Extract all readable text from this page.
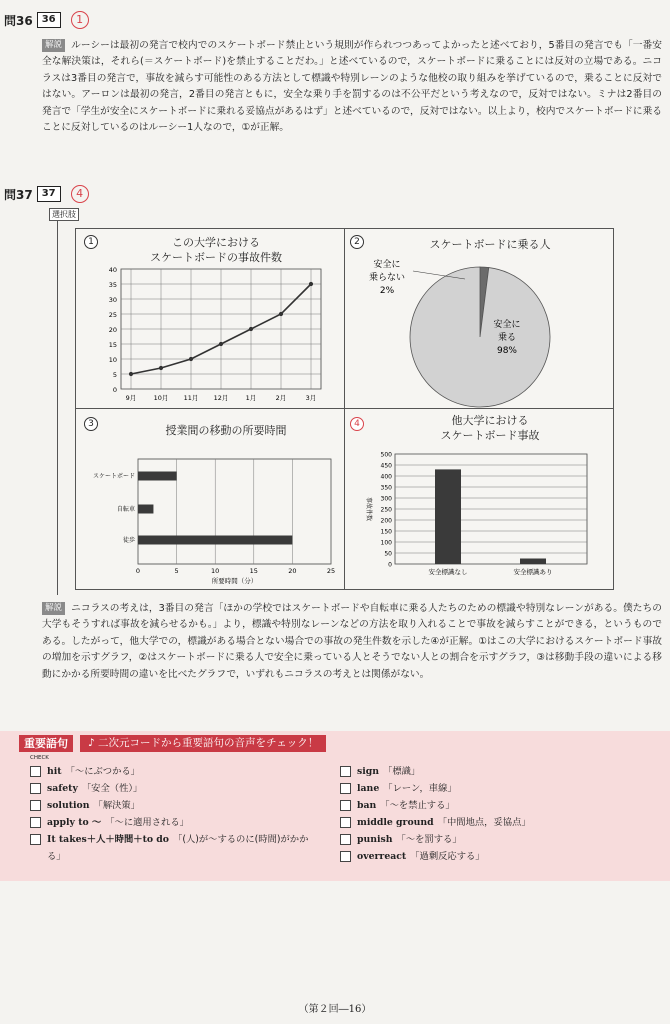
問36 36	1
解説 ルーシーは最初の発言で校内でのスケートボード禁止という規則が作られつつあってよかったと述べており，5番目の発言でも「一番安全な解決策は，それら(＝スケートボード)を禁止することだわ。」と述べているので，スケートボードに乗ることには反対の立場である。ニコラスは3番目の発言で，事故を減らす可能性のある方法として標識や特別レーンのような他校の取り組みを挙げているので，乗ることに反対ではない。アーロンは最初の発言，2番目の発言ともに，安全な乗り手を罰するのは不公平だという考えなので，反対ではない。ミナは2番目の発言で「学生が安全にスケートボードに乗れる妥協点があるはず」と述べているので，反対ではない。以上より，校内でスケートボードに乗ることに反対しているのはルーシー1人なので，①が正解。
問37 37	4
選択肢
1	この大学における
スケートボードの事故件数
0
5
10
15
20
25
30
35
40
9月	10月 11月 12月	1月	2月	3月
2	スケートボードに乗る人
安全に
乗らない
2%
安全に
乗る
98%
3	授業間の移動の所要時間
0	5	10	15	20	25
スケートボード
自転車
徒歩
所要時間（分）
4	他大学における
スケートボード事故
0
50
100
150
200
250
300
350
400
450
500
安全標識なし	安全標識あり
事故件数
解説 ニコラスの考えは，3番目の発言「ほかの学校ではスケートボードや自転車に乗る人たちのための標識や特別なレーンがある。僕たちの大学もそうすれば事故を減らせるかも。」より，標識や特別なレーンなどの方法を取り入れることで事故を減らすことができる，というものである。したがって，他大学での，標識がある場合とない場合での事故の発生件数を示した④が正解。①はこの大学におけるスケートボード事故の増加を示すグラフ，②はスケートボードに乗る人で安全に乗っている人とそうでない人との割合を示すグラフ，③は移動手段の違いによる移動にかかる所要時間の違いを比べたグラフで，いずれもニコラスの考えとは関係がない。
重要語句	♪ 二次元コードから重要語句の音声をチェック！
CHECK
hit 「～にぶつかる」
safety 「安全（性）」
solution 「解決策」
apply to ～ 「～に適用される」
It takes＋人＋時間＋to do 「(人)が～するのに(時間)がかかる」
sign 「標識」
lane 「レーン，車線」
ban 「～を禁止する」
middle ground 「中間地点，妥協点」
punish 「～を罰する」
overreact 「過剰反応する」
（第２回―16）
